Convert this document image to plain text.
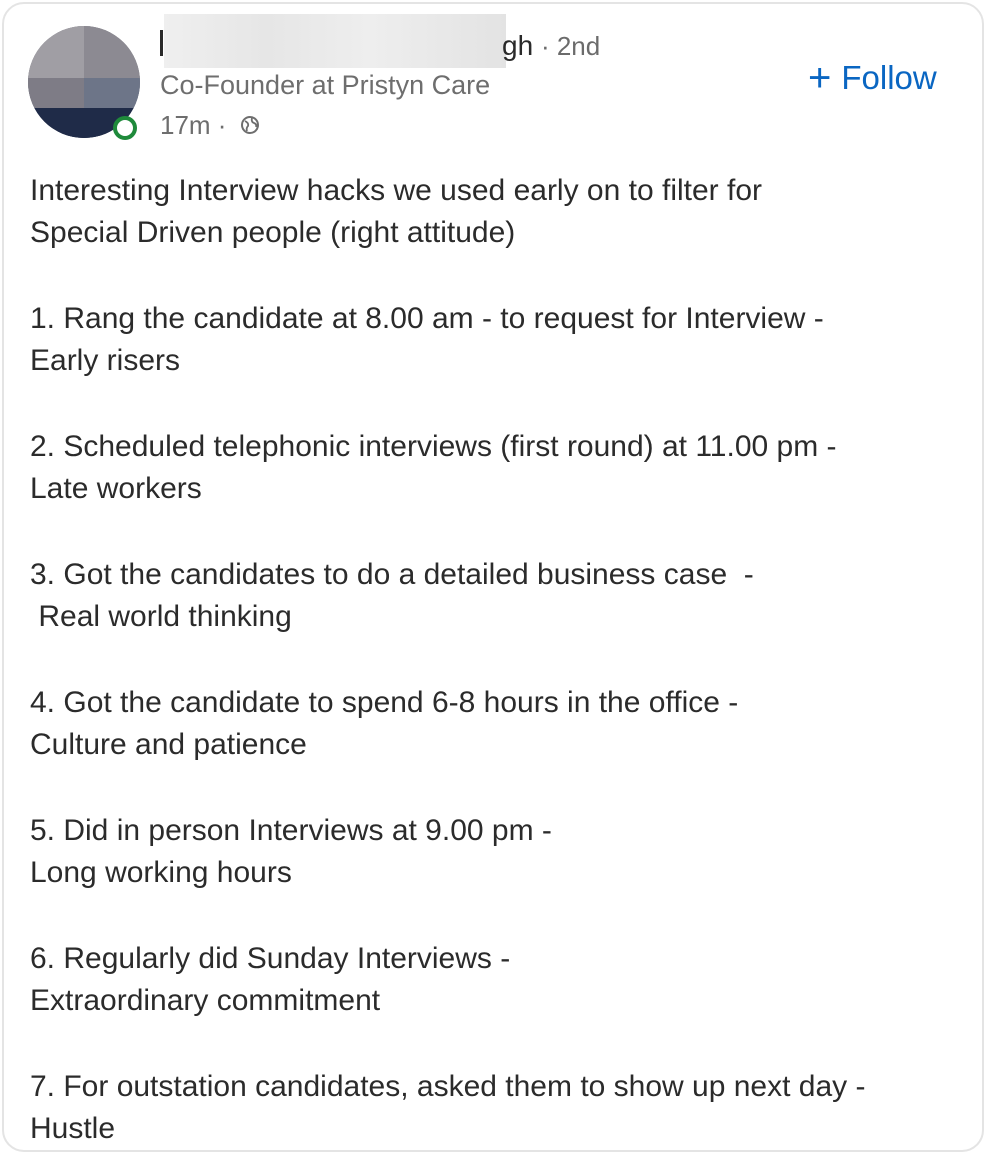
gh · 2nd
Co-Founder at Pristyn Care
17m ·
+ Follow

Interesting Interview hacks we used early on to filter for
Special Driven people (right attitude)

1. Rang the candidate at 8.00 am - to request for Interview -
Early risers

2. Scheduled telephonic interviews (first round) at 11.00 pm -
Late workers

3. Got the candidates to do a detailed business case  -
Real world thinking

4. Got the candidate to spend 6-8 hours in the office -
Culture and patience

5. Did in person Interviews at 9.00 pm -
Long working hours

6. Regularly did Sunday Interviews -
Extraordinary commitment

7. For outstation candidates, asked them to show up next day -
Hustle
